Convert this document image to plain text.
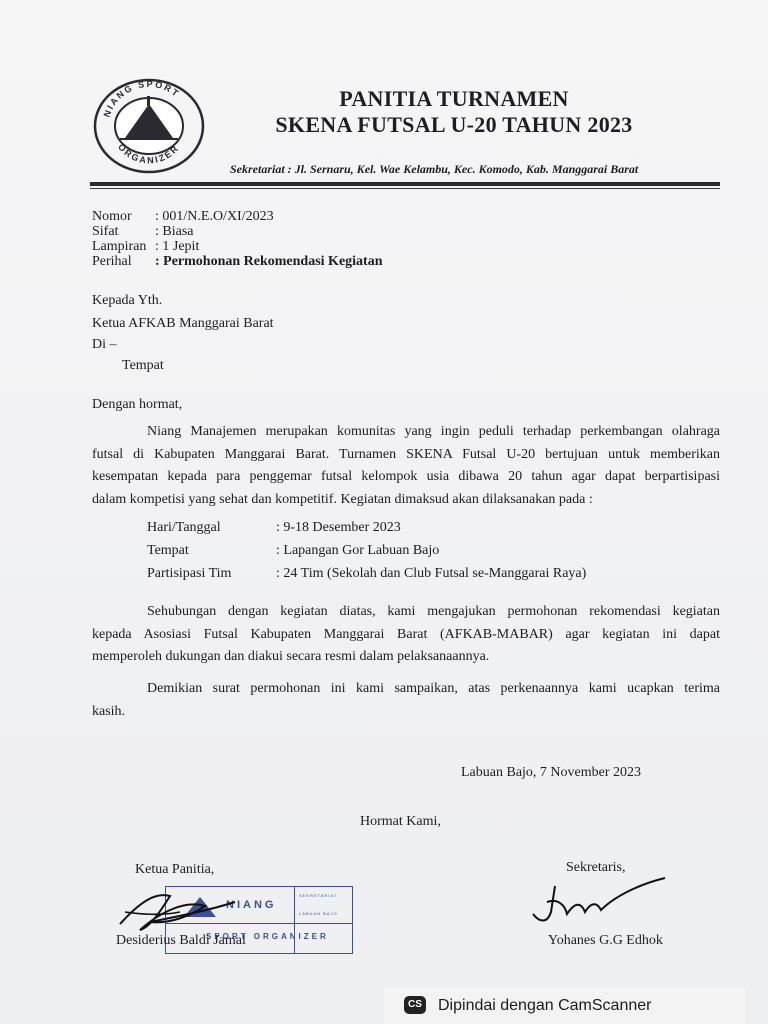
NIANG SPORT
ORGANIZER
PANITIA TURNAMEN
SKENA FUTSAL U-20 TAHUN 2023
Sekretariat : Jl. Sernaru, Kel. Wae Kelambu, Kec. Komodo, Kab. Manggarai Barat
Nomor : 001/N.E.O/XI/2023
Sifat	: Biasa
Lampiran : 1 Jepit
Perihal : Permohonan Rekomendasi Kegiatan
Kepada Yth.
Ketua AFKAB Manggarai Barat
Di –
Tempat
Dengan hormat,
Niang Manajemen merupakan komunitas yang ingin peduli terhadap perkembangan olahraga
futsal di Kabupaten Manggarai Barat. Turnamen SKENA Futsal U-20 bertujuan untuk memberikan
kesempatan kepada para penggemar futsal kelompok usia dibawa 20 tahun agar dapat berpartisipasi
dalam kompetisi yang sehat dan kompetitif. Kegiatan dimaksud akan dilaksanakan pada :
Hari/Tanggal	: 9-18 Desember 2023
Tempat	: Lapangan Gor Labuan Bajo
Partisipasi Tim	: 24 Tim (Sekolah dan Club Futsal se-Manggarai Raya)
Sehubungan dengan kegiatan diatas, kami mengajukan permohonan rekomendasi kegiatan
kepada Asosiasi Futsal Kabupaten Manggarai Barat (AFKAB-MABAR) agar kegiatan ini dapat
memperoleh dukungan dan diakui secara resmi dalam pelaksanaannya.
Demikian surat permohonan ini kami sampaikan, atas perkenaannya kami ucapkan terima
kasih.
Labuan Bajo, 7 November 2023
Hormat Kami,
Ketua Panitia,	Sekretaris,
NIANG
SPORT ORGANIZER
SEKRETARIAT
LABUAN BAJO
Desiderius Baldi Jamal	Yohanes G.G Edhok
CS Dipindai dengan CamScanner
